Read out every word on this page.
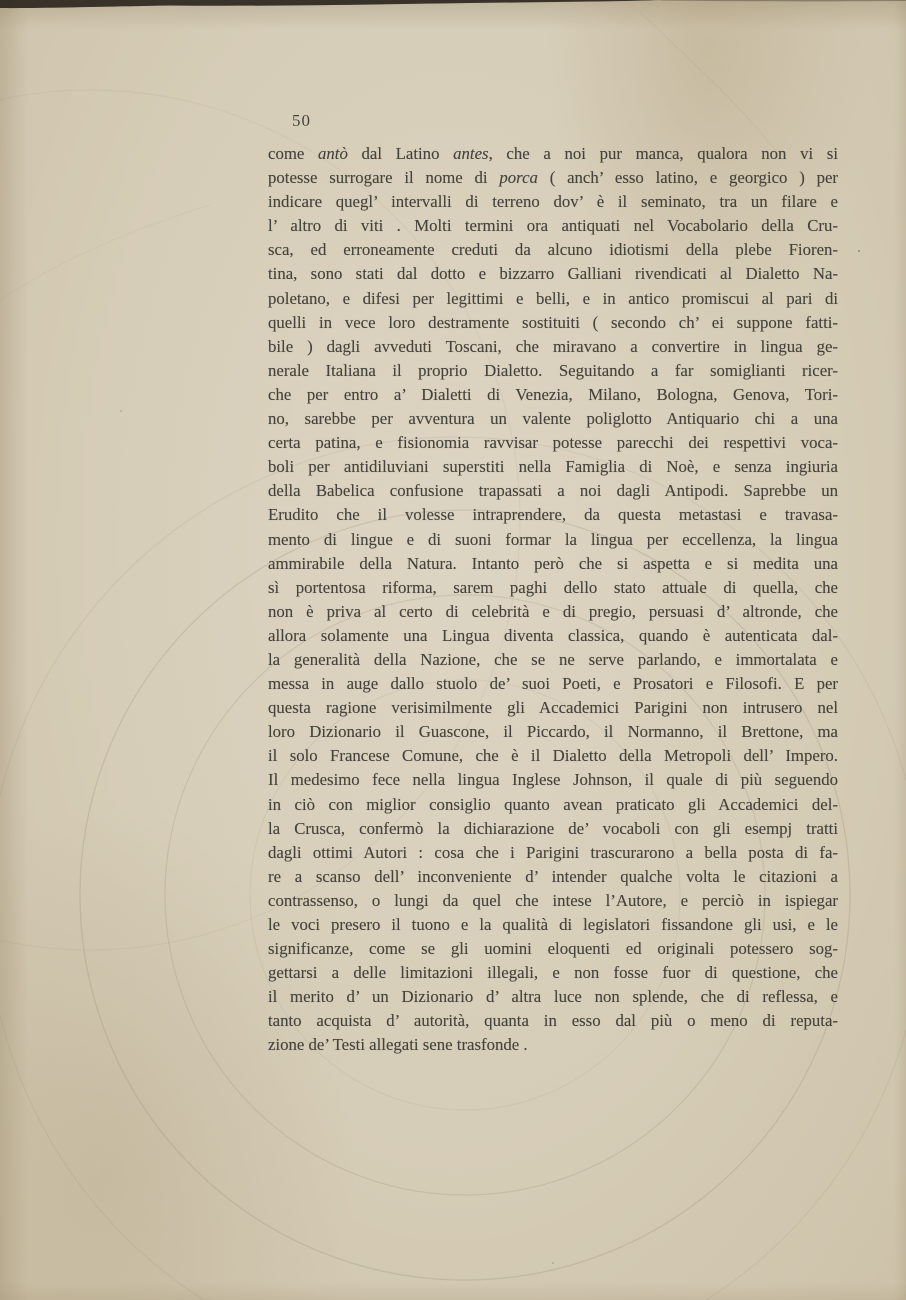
50
come antò dal Latino antes, che a noi pur manca, qualora non vi si
potesse surrogare il nome di porca ( anch’ esso latino, e georgico ) per
indicare quegl’ intervalli di terreno dov’ è il seminato, tra un filare e
l’ altro di viti . Molti termini ora antiquati nel Vocabolario della Cru-
sca, ed erroneamente creduti da alcuno idiotismi della plebe Fioren-
tina, sono stati dal dotto e bizzarro Galliani rivendicati al Dialetto Na-
poletano, e difesi per legittimi e belli, e in antico promiscui al pari di
quelli in vece loro destramente sostituiti ( secondo ch’ ei suppone fatti-
bile ) dagli avveduti Toscani, che miravano a convertire in lingua ge-
nerale Italiana il proprio Dialetto. Seguitando a far somiglianti ricer-
che per entro a’ Dialetti di Venezia, Milano, Bologna, Genova, Tori-
no, sarebbe per avventura un valente poliglotto Antiquario chi a una
certa patina, e fisionomia ravvisar potesse parecchi dei respettivi voca-
boli per antidiluviani superstiti nella Famiglia di Noè, e senza ingiuria
della Babelica confusione trapassati a noi dagli Antipodi. Saprebbe un
Erudito che il volesse intraprendere, da questa metastasi e travasa-
mento di lingue e di suoni formar la lingua per eccellenza, la lingua
ammirabile della Natura. Intanto però che si aspetta e si medita una
sì portentosa riforma, sarem paghi dello stato attuale di quella, che
non è priva al certo di celebrità e di pregio, persuasi d’ altronde, che
allora solamente una Lingua diventa classica, quando è autenticata dal-
la generalità della Nazione, che se ne serve parlando, e immortalata e
messa in auge dallo stuolo de’ suoi Poeti, e Prosatori e Filosofi. E per
questa ragione verisimilmente gli Accademici Parigini non intrusero nel
loro Dizionario il Guascone, il Piccardo, il Normanno, il Brettone, ma
il solo Francese Comune, che è il Dialetto della Metropoli dell’ Impero.
Il medesimo fece nella lingua Inglese Johnson, il quale di più seguendo
in ciò con miglior consiglio quanto avean praticato gli Accademici del-
la Crusca, confermò la dichiarazione de’ vocaboli con gli esempj tratti
dagli ottimi Autori : cosa che i Parigini trascurarono a bella posta di fa-
re a scanso dell’ inconveniente d’ intender qualche volta le citazioni a
contrassenso, o lungi da quel che intese l’Autore, e perciò in ispiegar
le voci presero il tuono e la qualità di legislatori fissandone gli usi, e le
significanze, come se gli uomini eloquenti ed originali potessero sog-
gettarsi a delle limitazioni illegali, e non fosse fuor di questione, che
il merito d’ un Dizionario d’ altra luce non splende, che di reflessa, e
tanto acquista d’ autorità, quanta in esso dal più o meno di reputa-
zione de’ Testi allegati sene trasfonde .
